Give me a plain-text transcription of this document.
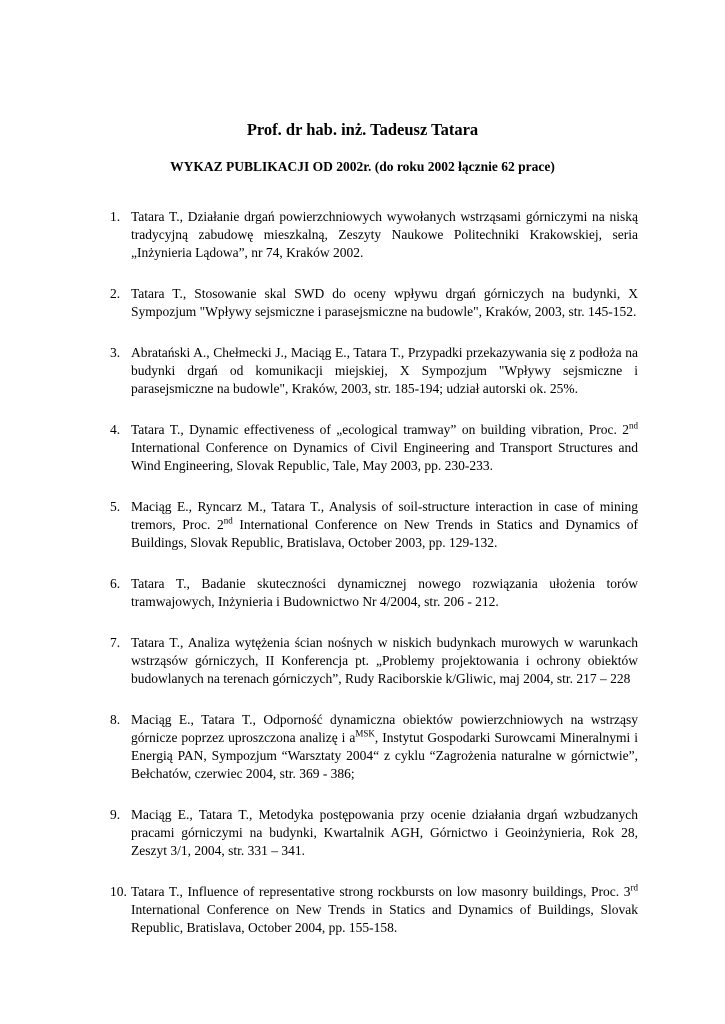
Prof. dr hab. inż. Tadeusz Tatara
WYKAZ PUBLIKACJI OD 2002r. (do roku 2002 łącznie 62 prace)
1. Tatara T., Działanie drgań powierzchniowych wywołanych wstrząsami górniczymi na niską tradycyjną zabudowę mieszkalną, Zeszyty Naukowe Politechniki Krakowskiej, seria „Inżynieria Lądowa”, nr 74, Kraków 2002.
2. Tatara T., Stosowanie skal SWD do oceny wpływu drgań górniczych na budynki, X Sympozjum "Wpływy sejsmiczne i parasejsmiczne na budowle", Kraków, 2003, str. 145-152.
3. Abratański A., Chełmecki J., Maciąg E., Tatara T., Przypadki przekazywania się z podłoża na budynki drgań od komunikacji miejskiej, X Sympozjum "Wpływy sejsmiczne i parasejsmiczne na budowle", Kraków, 2003, str. 185-194; udział autorski ok. 25%.
4. Tatara T., Dynamic effectiveness of „ecological tramway” on building vibration, Proc. 2nd International Conference on Dynamics of Civil Engineering and Transport Structures and Wind Engineering, Slovak Republic, Tale, May 2003, pp. 230-233.
5. Maciąg E., Ryncarz M., Tatara T., Analysis of soil-structure interaction in case of mining tremors, Proc. 2nd International Conference on New Trends in Statics and Dynamics of Buildings, Slovak Republic, Bratislava, October 2003, pp. 129-132.
6. Tatara T., Badanie skuteczności dynamicznej nowego rozwiązania ułożenia torów tramwajowych, Inżynieria i Budownictwo Nr 4/2004, str. 206 - 212.
7. Tatara T., Analiza wytężenia ścian nośnych w niskich budynkach murowych w warunkach wstrząsów górniczych, II Konferencja pt. „Problemy projektowania i ochrony obiektów budowlanych na terenach górniczych”, Rudy Raciborskie k/Gliwic, maj 2004, str. 217 – 228
8. Maciąg E., Tatara T., Odporność dynamiczna obiektów powierzchniowych na wstrząsy górnicze poprzez uproszczona analizę i $a^{MSK}$, Instytut Gospodarki Surowcami Mineralnymi i Energią PAN, Sympozjum “Warsztaty 2004“ z cyklu “Zagrożenia naturalne w górnictwie”, Bełchatów, czerwiec 2004, str. 369 - 386;
9. Maciąg E., Tatara T., Metodyka postępowania przy ocenie działania drgań wzbudzanych pracami górniczymi na budynki, Kwartalnik AGH, Górnictwo i Geoinżynieria, Rok 28, Zeszyt 3/1, 2004, str. 331 – 341.
10. Tatara T., Influence of representative strong rockbursts on low masonry buildings, Proc. 3rd International Conference on New Trends in Statics and Dynamics of Buildings, Slovak Republic, Bratislava, October 2004, pp. 155-158.
